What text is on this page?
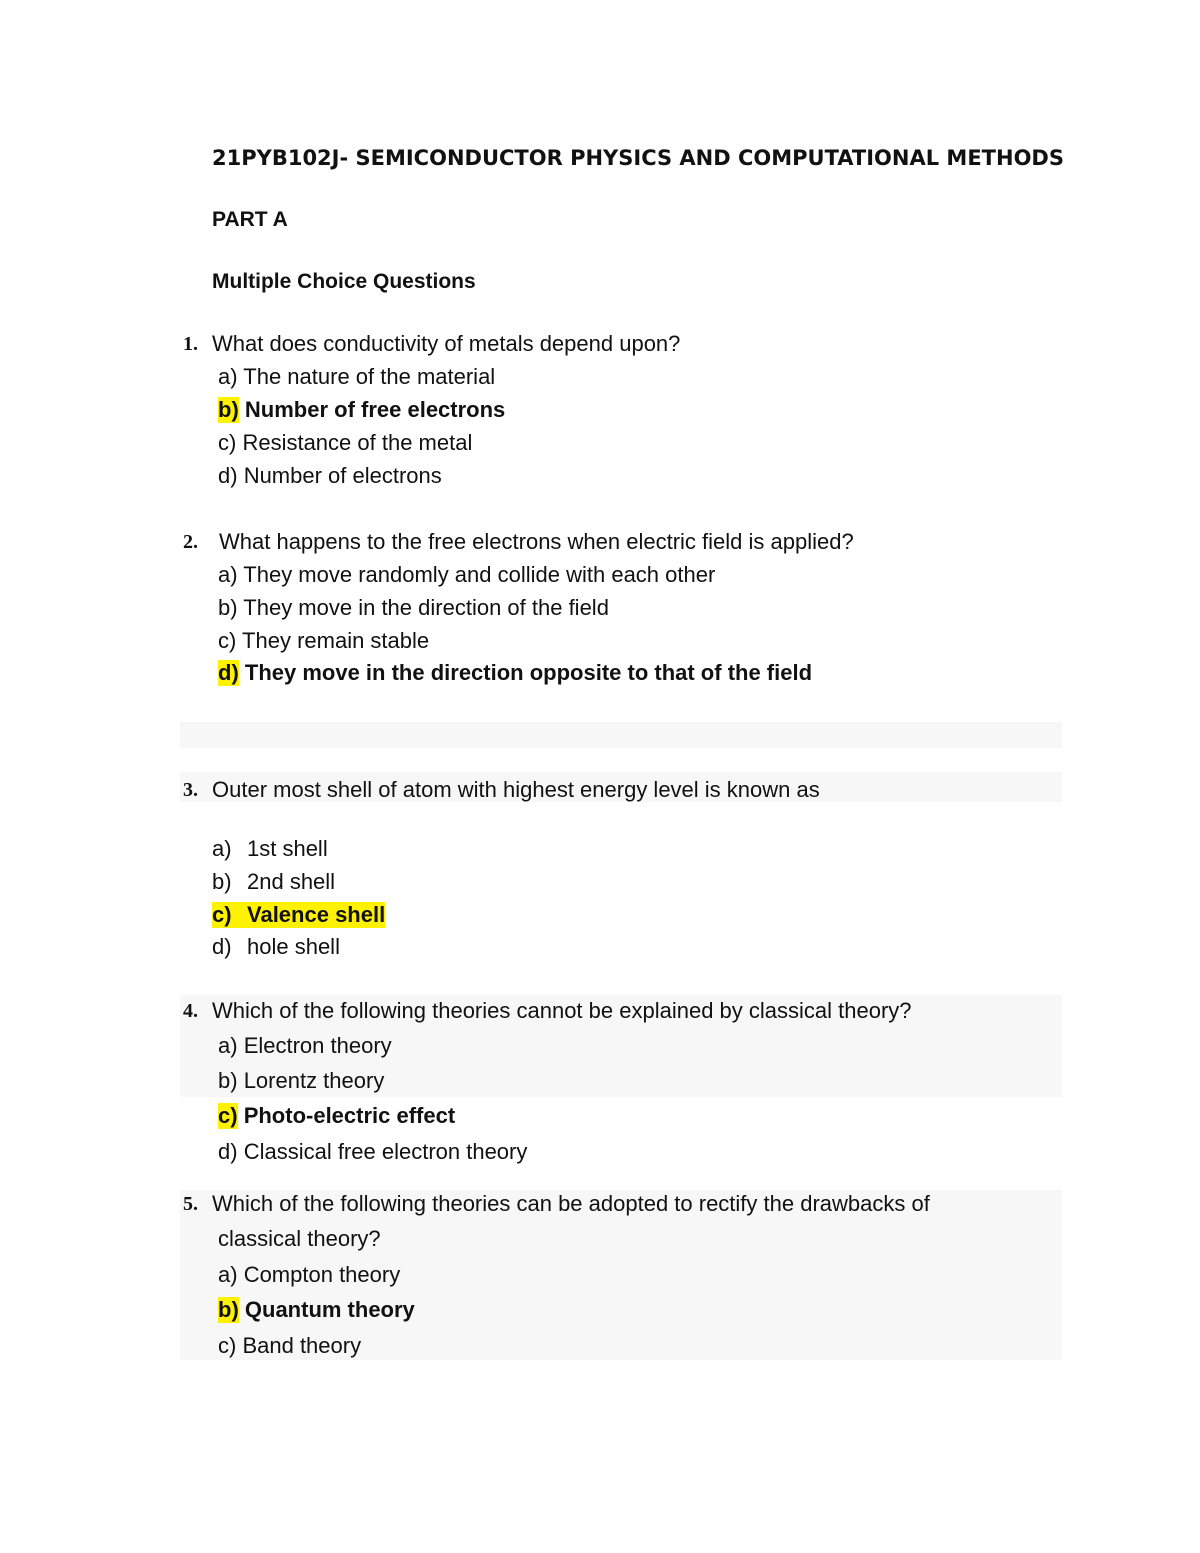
21PYB102J- SEMICONDUCTOR PHYSICS AND COMPUTATIONAL METHODS
PART A
Multiple Choice Questions
1. What does conductivity of metals depend upon?
a) The nature of the material
b) Number of free electrons
c) Resistance of the metal
d) Number of electrons
2. What happens to the free electrons when electric field is applied?
a) They move randomly and collide with each other
b) They move in the direction of the field
c) They remain stable
d) They move in the direction opposite to that of the field
3. Outer most shell of atom with highest energy level is known as
a) 1st shell
b) 2nd shell
c) Valence shell
d) hole shell
4. Which of the following theories cannot be explained by classical theory?
a) Electron theory
b) Lorentz theory
c) Photo-electric effect
d) Classical free electron theory
5. Which of the following theories can be adopted to rectify the drawbacks of
classical theory?
a) Compton theory
b) Quantum theory
c) Band theory
